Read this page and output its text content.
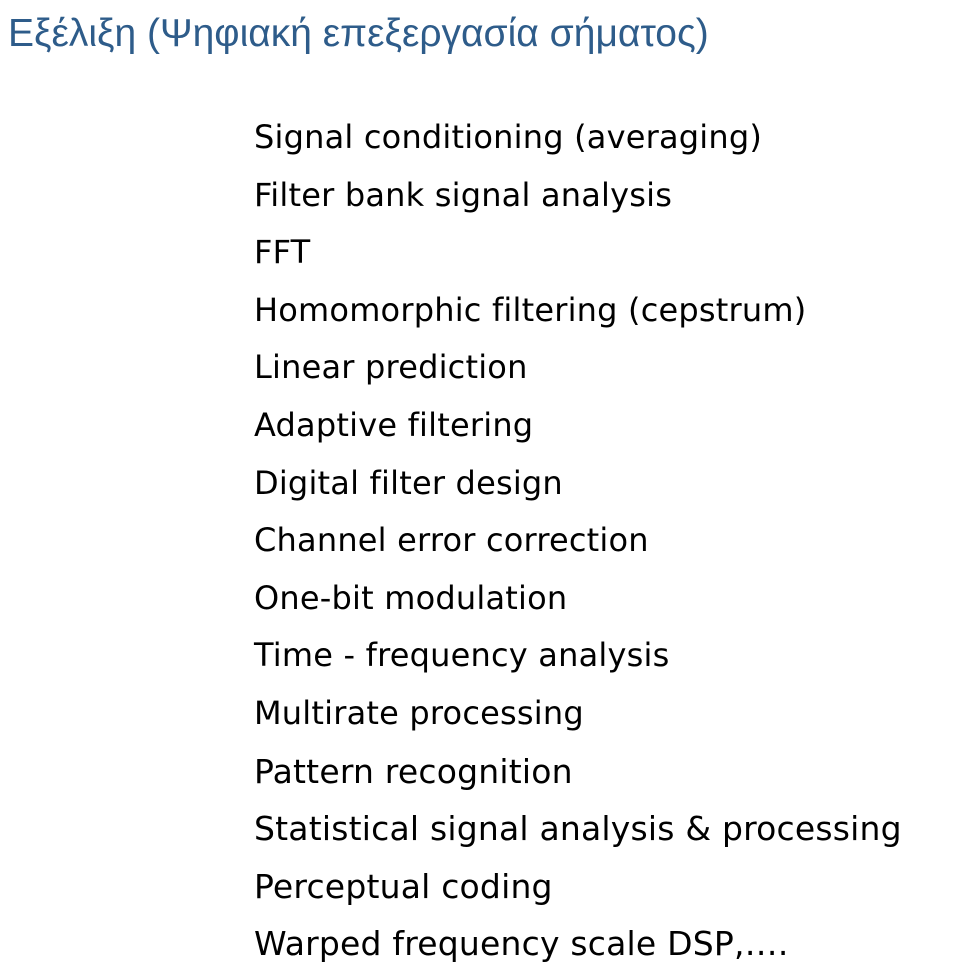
Εξέλιξη (Ψηφιακή επεξεργασία σήματος)
Signal conditioning (averaging)
Filter bank signal analysis
FFT
Homomorphic filtering (cepstrum)
Linear prediction
Adaptive filtering
Digital filter design
Channel error correction
One-bit modulation
Time - frequency analysis
Multirate processing
Pattern recognition
Statistical signal analysis & processing
Perceptual coding
Warped frequency scale DSP,….
